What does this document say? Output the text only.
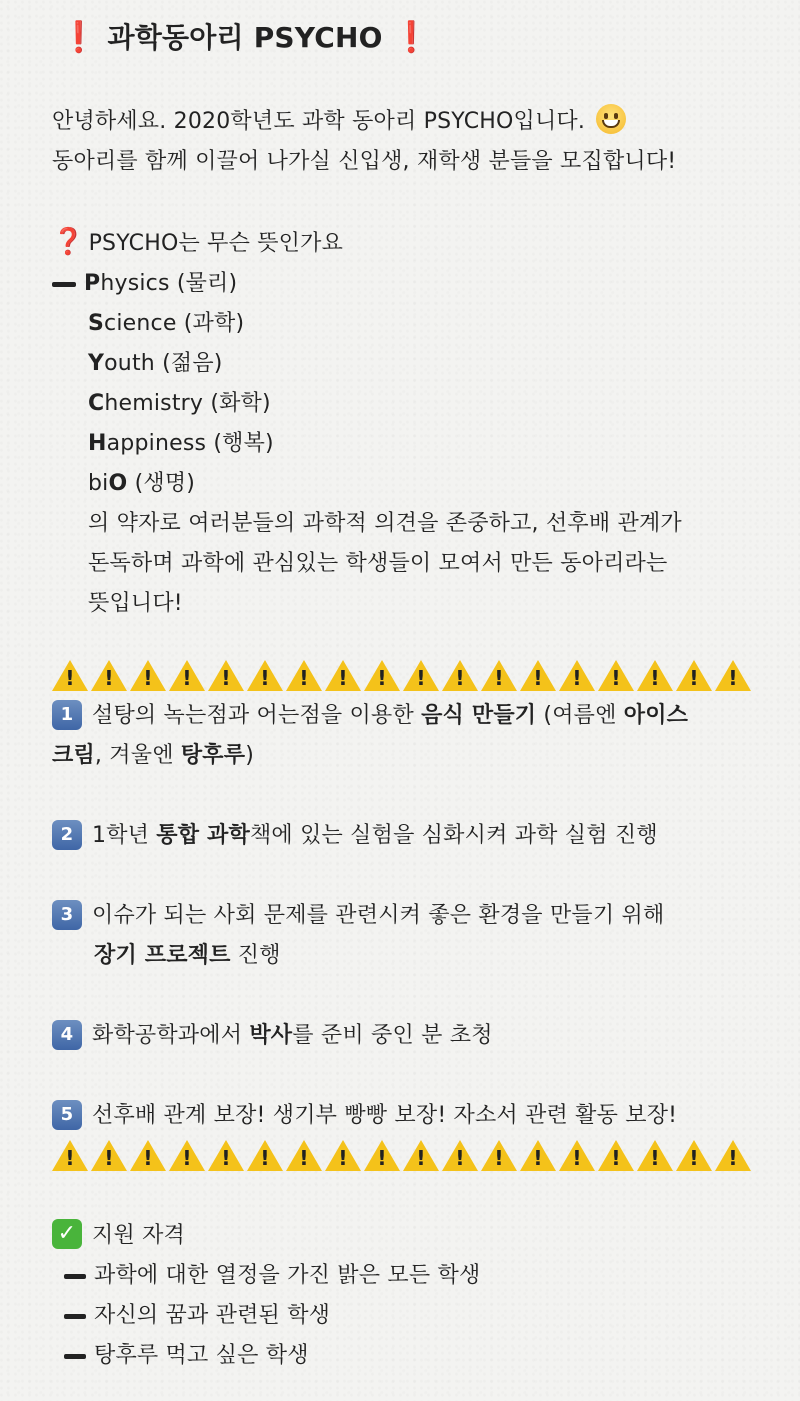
❗ 과학동아리 PSYCHO ❗
안녕하세요. 2020학년도 과학 동아리 PSYCHO입니다.
동아리를 함께 이끌어 나가실 신입생, 재학생 분들을 모집합니다!
❓ PSYCHO는 무슨 뜻인가요
Physics (물리)
Science (과학)
Youth (젊음)
Chemistry (화학)
Happiness (행복)
biO (생명)
의 약자로 여러분들의 과학적 의견을 존중하고, 선후배 관계가
돈독하며 과학에 관심있는 학생들이 모여서 만든 동아리라는
뜻입니다!
!
!
!
!
!
!
!
!
!
!
!
!
!
!
!
!
!
!
1 설탕의 녹는점과 어는점을 이용한 음식 만들기 (여름엔 아이스
크림, 겨울엔 탕후루)
2 1학년 통합 과학책에 있는 실험을 심화시켜 과학 실험 진행
3 이슈가 되는 사회 문제를 관련시켜 좋은 환경을 만들기 위해
장기 프로젝트 진행
4 화학공학과에서 박사를 준비 중인 분 초청
5 선후배 관계 보장! 생기부 빵빵 보장! 자소서 관련 활동 보장!
!
!
!
!
!
!
!
!
!
!
!
!
!
!
!
!
!
!
✓ 지원 자격
과학에 대한 열정을 가진 밝은 모든 학생
자신의 꿈과 관련된 학생
탕후루 먹고 싶은 학생
